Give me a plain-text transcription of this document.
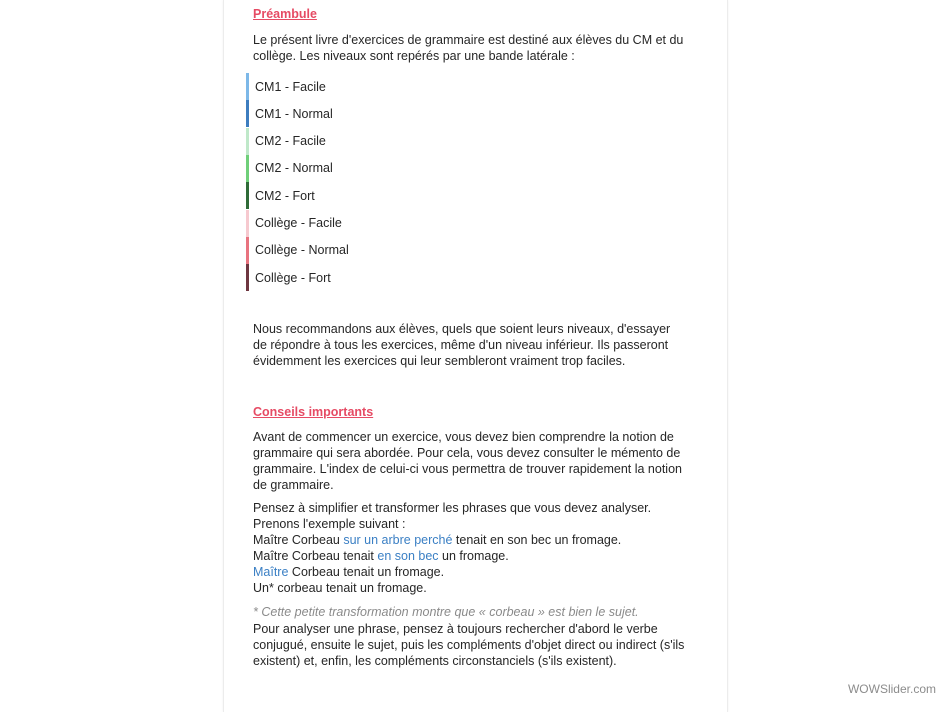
Préambule
Le présent livre d'exercices de grammaire est destiné aux élèves du CM et du
collège. Les niveaux sont repérés par une bande latérale :
CM1 - Facile
CM1 - Normal
CM2 - Facile
CM2 - Normal
CM2 - Fort
Collège - Facile
Collège - Normal
Collège - Fort
Nous recommandons aux élèves, quels que soient leurs niveaux, d'essayer
de répondre à tous les exercices, même d'un niveau inférieur. Ils passeront
évidemment les exercices qui leur sembleront vraiment trop faciles.
Conseils importants
Avant de commencer un exercice, vous devez bien comprendre la notion de
grammaire qui sera abordée. Pour cela, vous devez consulter le mémento de
grammaire. L'index de celui-ci vous permettra de trouver rapidement la notion
de grammaire.
Pensez à simplifier et transformer les phrases que vous devez analyser.
Prenons l'exemple suivant :
Maître Corbeau sur un arbre perché tenait en son bec un fromage.
Maître Corbeau tenait en son bec un fromage.
Maître Corbeau tenait un fromage.
Un* corbeau tenait un fromage.
* Cette petite transformation montre que « corbeau » est bien le sujet.
Pour analyser une phrase, pensez à toujours rechercher d'abord le verbe
conjugué, ensuite le sujet, puis les compléments d'objet direct ou indirect (s'ils
existent) et, enfin, les compléments circonstanciels (s'ils existent).
WOWSlider.com
